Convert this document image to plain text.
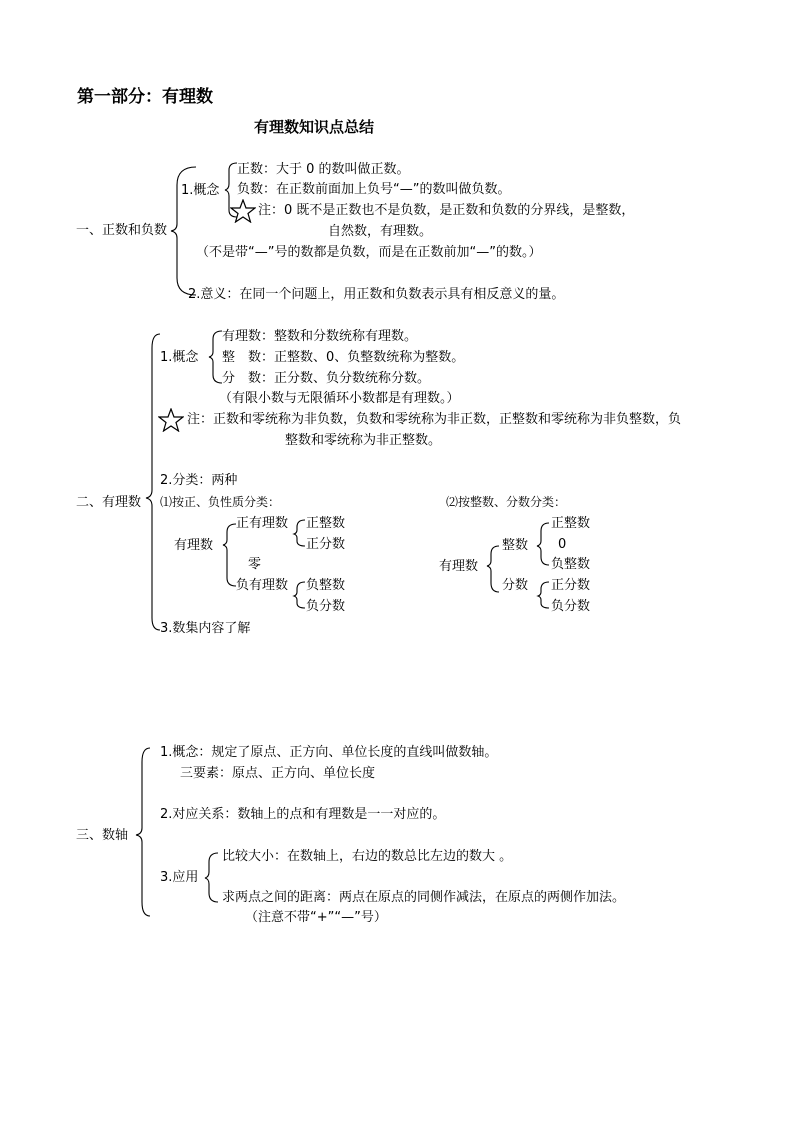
第一部分：有理数
有理数知识点总结
一、正数和负数
1.概念
正数：大于 0 的数叫做正数。
负数：在正数前面加上负号“—”的数叫做负数。
注：0 既不是正数也不是负数，是正数和负数的分界线，是整数，
自然数，有理数。
（不是带“—”号的数都是负数，而是在正数前加“—”的数。）
2.意义：在同一个问题上，用正数和负数表示具有相反意义的量。
二、有理数
1.概念
有理数：整数和分数统称有理数。
整　数：正整数、0、负整数统称为整数。
分　数：正分数、负分数统称分数。
（有限小数与无限循环小数都是有理数。）
注：正数和零统称为非负数，负数和零统称为非正数，正整数和零统称为非负整数，负
整数和零统称为非正整数。
2.分类：两种
⑴按正、负性质分类：	⑵按整数、分数分类：
有理数
正有理数
零
负有理数
正整数
正分数
负整数
负分数
有理数
整数
分数
正整数
0
负整数
正分数
负分数
3.数集内容了解
三、数轴
1.概念：规定了原点、正方向、单位长度的直线叫做数轴。
三要素：原点、正方向、单位长度
2.对应关系：数轴上的点和有理数是一一对应的。
3.应用
比较大小：在数轴上，右边的数总比左边的数大 。
求两点之间的距离：两点在原点的同侧作减法，在原点的两侧作加法。
（注意不带“+”“—”号）
